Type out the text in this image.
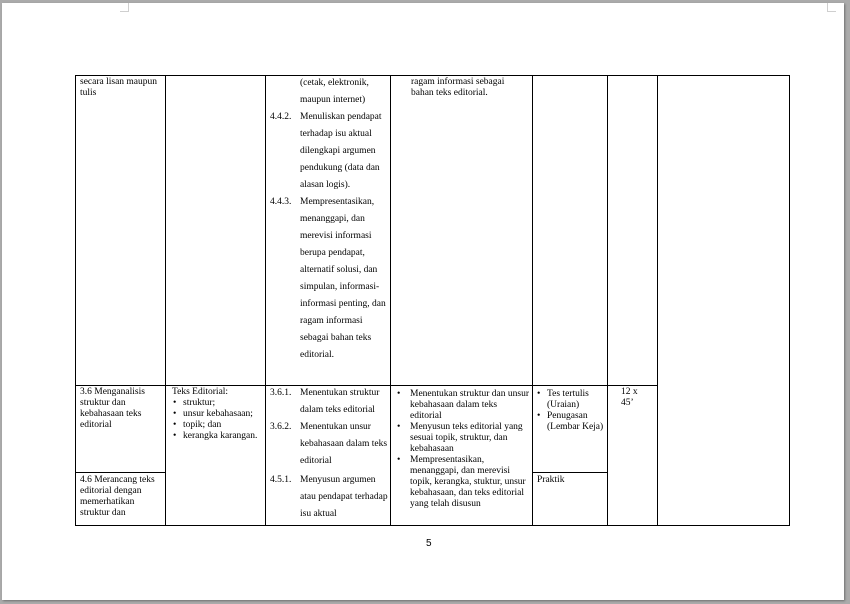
secara lisan maupun tulis
(cetak, elektronik, maupun internet)
4.4.2. Menuliskan pendapat terhadap isu aktual dilengkapi argumen pendukung (data dan alasan logis).
4.4.3. Mempresentasikan, menanggapi, dan merevisi informasi berupa pendapat, alternatif solusi, dan simpulan, informasi-informasi penting, dan ragam informasi sebagai bahan teks editorial.
ragam informasi sebagai bahan teks editorial.
3.6 Menganalisis struktur dan kebahasaan teks editorial
Teks Editorial:
• struktur;
• unsur kebahasaan;
• topik; dan
• kerangka karangan.
3.6.1. Menentukan struktur dalam teks editorial
3.6.2. Menentukan unsur kebahasaan dalam teks editorial
• Menentukan struktur dan unsur kebahasaan dalam teks editorial
• Menyusun teks editorial yang sesuai topik, struktur, dan kebahasaan
• Mempresentasikan, menanggapi, dan merevisi topik, kerangka, stuktur, unsur kebahasaan, dan teks editorial yang telah disusun
• Tes tertulis (Uraian)
• Penugasan (Lembar Keja)
12 x 45’
4.6 Merancang teks editorial dengan memerhatikan struktur dan
4.5.1. Menyusun argumen atau pendapat terhadap isu aktual
Praktik
5
